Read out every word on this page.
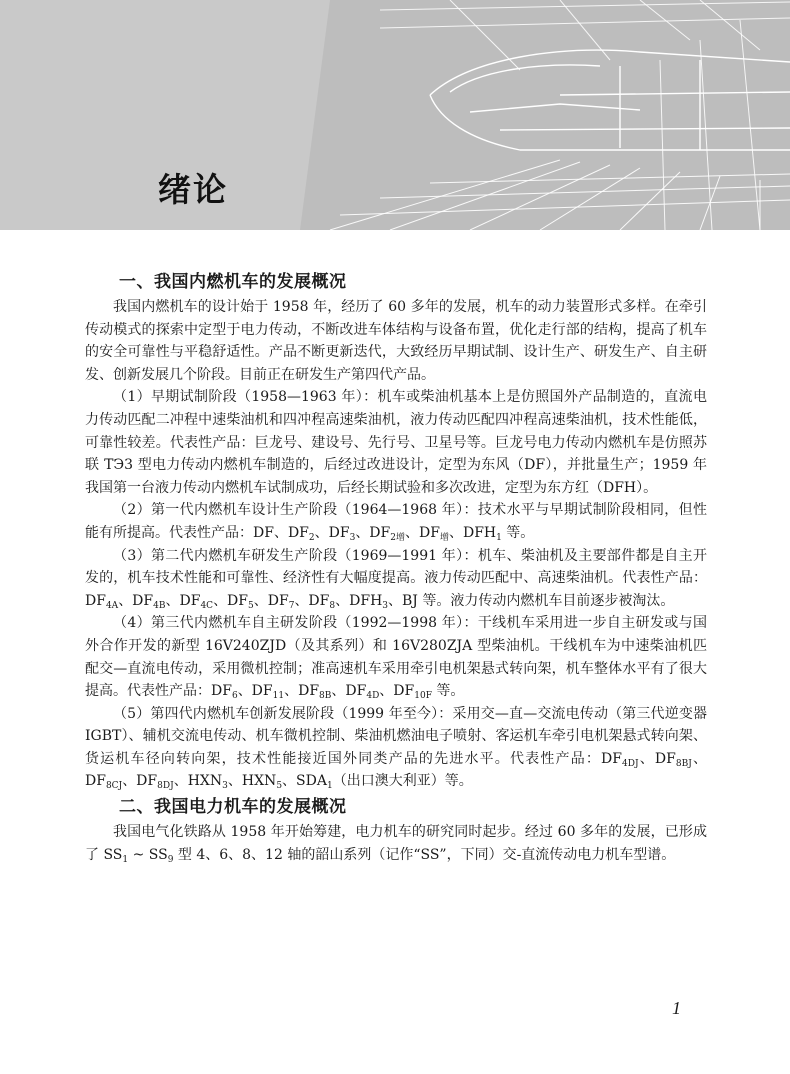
绪论
一、我国内燃机车的发展概况

我国内燃机车的设计始于 1958 年，经历了 60 多年的发展，机车的动力装置形式多样。在牵引传动模式的探索中定型于电力传动，不断改进车体结构与设备布置，优化走行部的结构，提高了机车的安全可靠性与平稳舒适性。产品不断更新迭代，大致经历早期试制、设计生产、研发生产、自主研发、创新发展几个阶段。目前正在研发生产第四代产品。

（1）早期试制阶段（1958—1963 年）：机车或柴油机基本上是仿照国外产品制造的，直流电力传动匹配二冲程中速柴油机和四冲程高速柴油机，液力传动匹配四冲程高速柴油机，技术性能低，可靠性较差。代表性产品：巨龙号、建设号、先行号、卫星号等。巨龙号电力传动内燃机车是仿照苏联 TЭ3 型电力传动内燃机车制造的，后经过改进设计，定型为东风（DF），并批量生产；1959 年我国第一台液力传动内燃机车试制成功，后经长期试验和多次改进，定型为东方红（DFH）。

（2）第一代内燃机车设计生产阶段（1964—1968 年）：技术水平与早期试制阶段相同，但性能有所提高。代表性产品：DF、$DF_2$、$DF_3$、$DF_{2增}$、$DF_增$、$DFH_1$ 等。

（3）第二代内燃机车研发生产阶段（1969—1991 年）：机车、柴油机及主要部件都是自主开发的，机车技术性能和可靠性、经济性有大幅度提高。液力传动匹配中、高速柴油机。代表性产品：$DF_{4A}$、$DF_{4B}$、$DF_{4C}$、$DF_5$、$DF_7$、$DF_8$、$DFH_3$、BJ 等。液力传动内燃机车目前逐步被淘汰。

（4）第三代内燃机车自主研发阶段（1992—1998 年）：干线机车采用进一步自主研发或与国外合作开发的新型 16V240ZJD（及其系列）和 16V280ZJA 型柴油机。干线机车为中速柴油机匹配交—直流电传动，采用微机控制；准高速机车采用牵引电机架悬式转向架，机车整体水平有了很大提高。代表性产品：$DF_6$、$DF_{11}$、$DF_{8B}$、$DF_{4D}$、$DF_{10F}$ 等。

（5）第四代内燃机车创新发展阶段（1999 年至今）：采用交—直—交流电传动（第三代逆变器 IGBT）、辅机交流电传动、机车微机控制、柴油机燃油电子喷射、客运机车牵引电机架悬式转向架、货运机车径向转向架，技术性能接近国外同类产品的先进水平。代表性产品：$DF_{4DJ}$、$DF_{8BJ}$、$DF_{8CJ}$、$DF_{8DJ}$、$HXN_3$、$HXN_5$、$SDA_1$（出口澳大利亚）等。

二、我国电力机车的发展概况

我国电气化铁路从 1958 年开始筹建，电力机车的研究同时起步。经过 60 多年的发展，已形成了 $SS_1$ ~ $SS_9$ 型 4、6、8、12 轴的韶山系列（记作“SS”，下同）交-直流传动电力机车型谱。

1
